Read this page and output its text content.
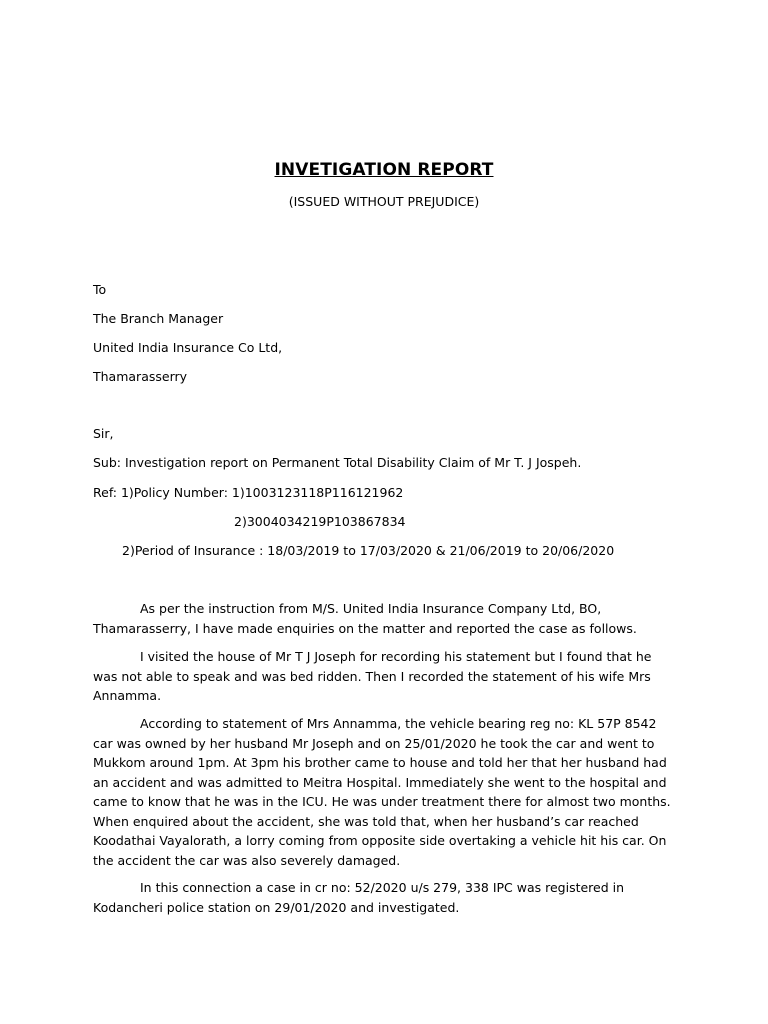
INVETIGATION REPORT
(ISSUED WITHOUT PREJUDICE)
To
The Branch Manager
United India Insurance Co Ltd,
Thamarasserry
Sir,
Sub: Investigation report on Permanent Total Disability Claim of Mr T. J Jospeh.
Ref: 1)Policy Number: 1)1003123118P116121962
2)3004034219P103867834
2)Period of Insurance : 18/03/2019 to 17/03/2020 & 21/06/2019 to 20/06/2020
As per the instruction from M/S. United India Insurance Company Ltd, BO, Thamarasserry, I have made enquiries on the matter and reported the case as follows.
I visited the house of Mr T J Joseph for recording his statement but I found that he was not able to speak and was bed ridden. Then I recorded the statement of his wife Mrs Annamma.
According to statement of Mrs Annamma, the vehicle bearing reg no: KL 57P 8542 car was owned by her husband Mr Joseph and on 25/01/2020 he took the car and went to Mukkom around 1pm. At 3pm his brother came to house and told her that her husband had an accident and was admitted to Meitra Hospital. Immediately she went to the hospital and came to know that he was in the ICU. He was under treatment there for almost two months. When enquired about the accident, she was told that, when her husband’s car reached Koodathai Vayalorath, a lorry coming from opposite side overtaking a vehicle hit his car. On the accident the car was also severely damaged.
In this connection a case in cr no: 52/2020 u/s 279, 338 IPC was registered in Kodancheri police station on 29/01/2020 and investigated.
